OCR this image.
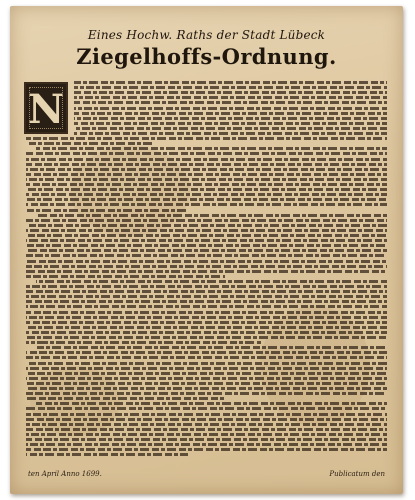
Eines Hochw. Raths der Stadt Lübeck
Ziegelhoffs-Ordnung.
N
ten April Anno 1699.	Publicatum den
